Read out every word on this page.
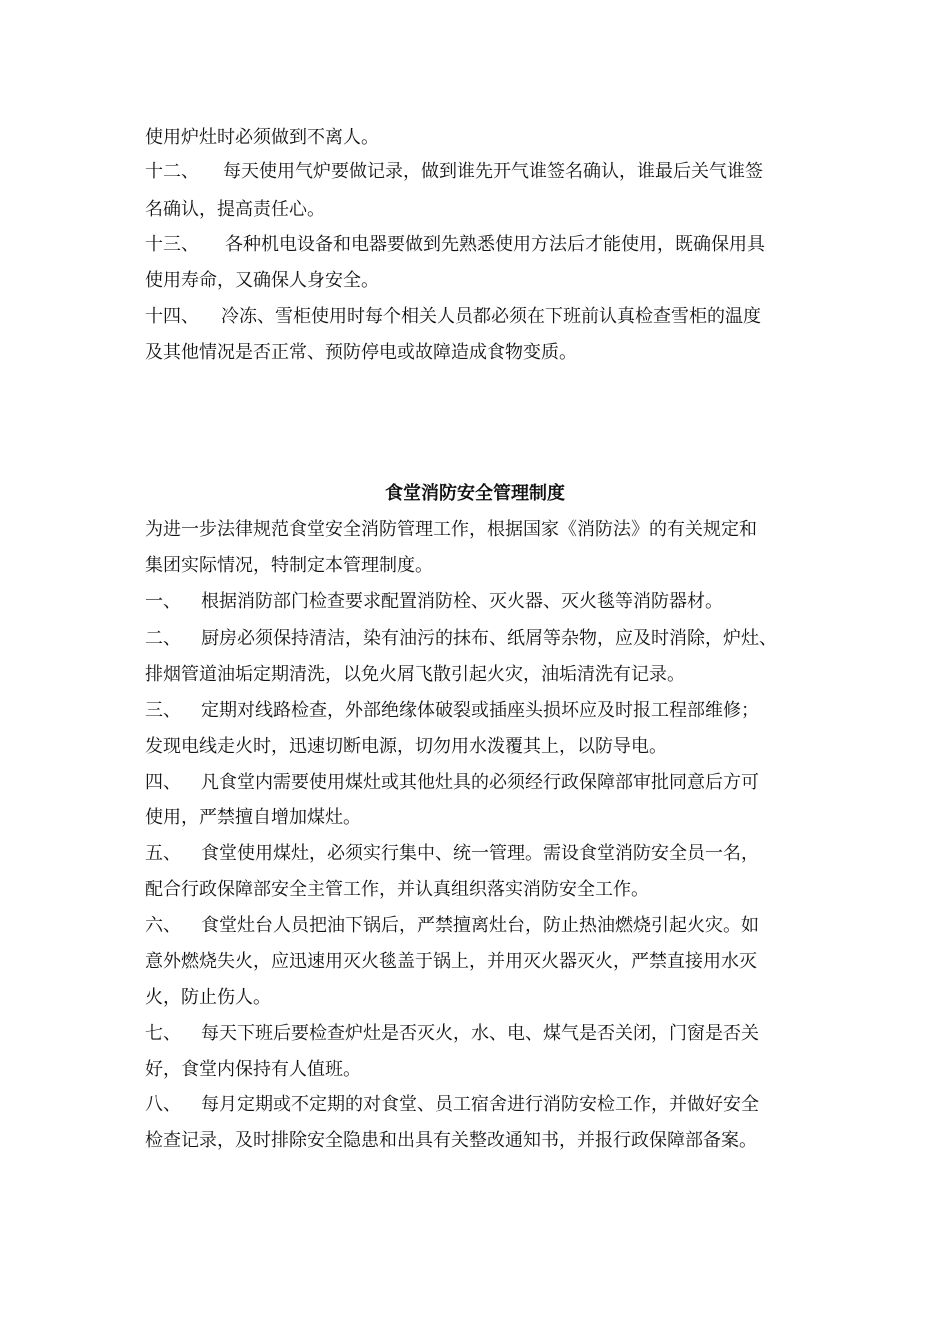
使用炉灶时必须做到不离人。
十二、 每天使用气炉要做记录，做到谁先开气谁签名确认，谁最后关气谁签
名确认，提高责任心。
十三、 各种机电设备和电器要做到先熟悉使用方法后才能使用，既确保用具
使用寿命，又确保人身安全。
十四、 冷冻、雪柜使用时每个相关人员都必须在下班前认真检查雪柜的温度
及其他情况是否正常、预防停电或故障造成食物变质。
食堂消防安全管理制度
为进一步法律规范食堂安全消防管理工作，根据国家《消防法》的有关规定和
集团实际情况，特制定本管理制度。
一、 根据消防部门检查要求配置消防栓、灭火器、灭火毯等消防器材。
二、 厨房必须保持清洁，染有油污的抹布、纸屑等杂物，应及时消除，炉灶、
排烟管道油垢定期清洗，以免火屑飞散引起火灾，油垢清洗有记录。
三、 定期对线路检查，外部绝缘体破裂或插座头损坏应及时报工程部维修；
发现电线走火时，迅速切断电源，切勿用水泼覆其上，以防导电。
四、 凡食堂内需要使用煤灶或其他灶具的必须经行政保障部审批同意后方可
使用，严禁擅自增加煤灶。
五、 食堂使用煤灶，必须实行集中、统一管理。需设食堂消防安全员一名，
配合行政保障部安全主管工作，并认真组织落实消防安全工作。
六、 食堂灶台人员把油下锅后，严禁擅离灶台，防止热油燃烧引起火灾。如
意外燃烧失火，应迅速用灭火毯盖于锅上，并用灭火器灭火，严禁直接用水灭
火，防止伤人。
七、 每天下班后要检查炉灶是否灭火，水、电、煤气是否关闭，门窗是否关
好，食堂内保持有人值班。
八、 每月定期或不定期的对食堂、员工宿舍进行消防安检工作，并做好安全
检查记录，及时排除安全隐患和出具有关整改通知书，并报行政保障部备案。
